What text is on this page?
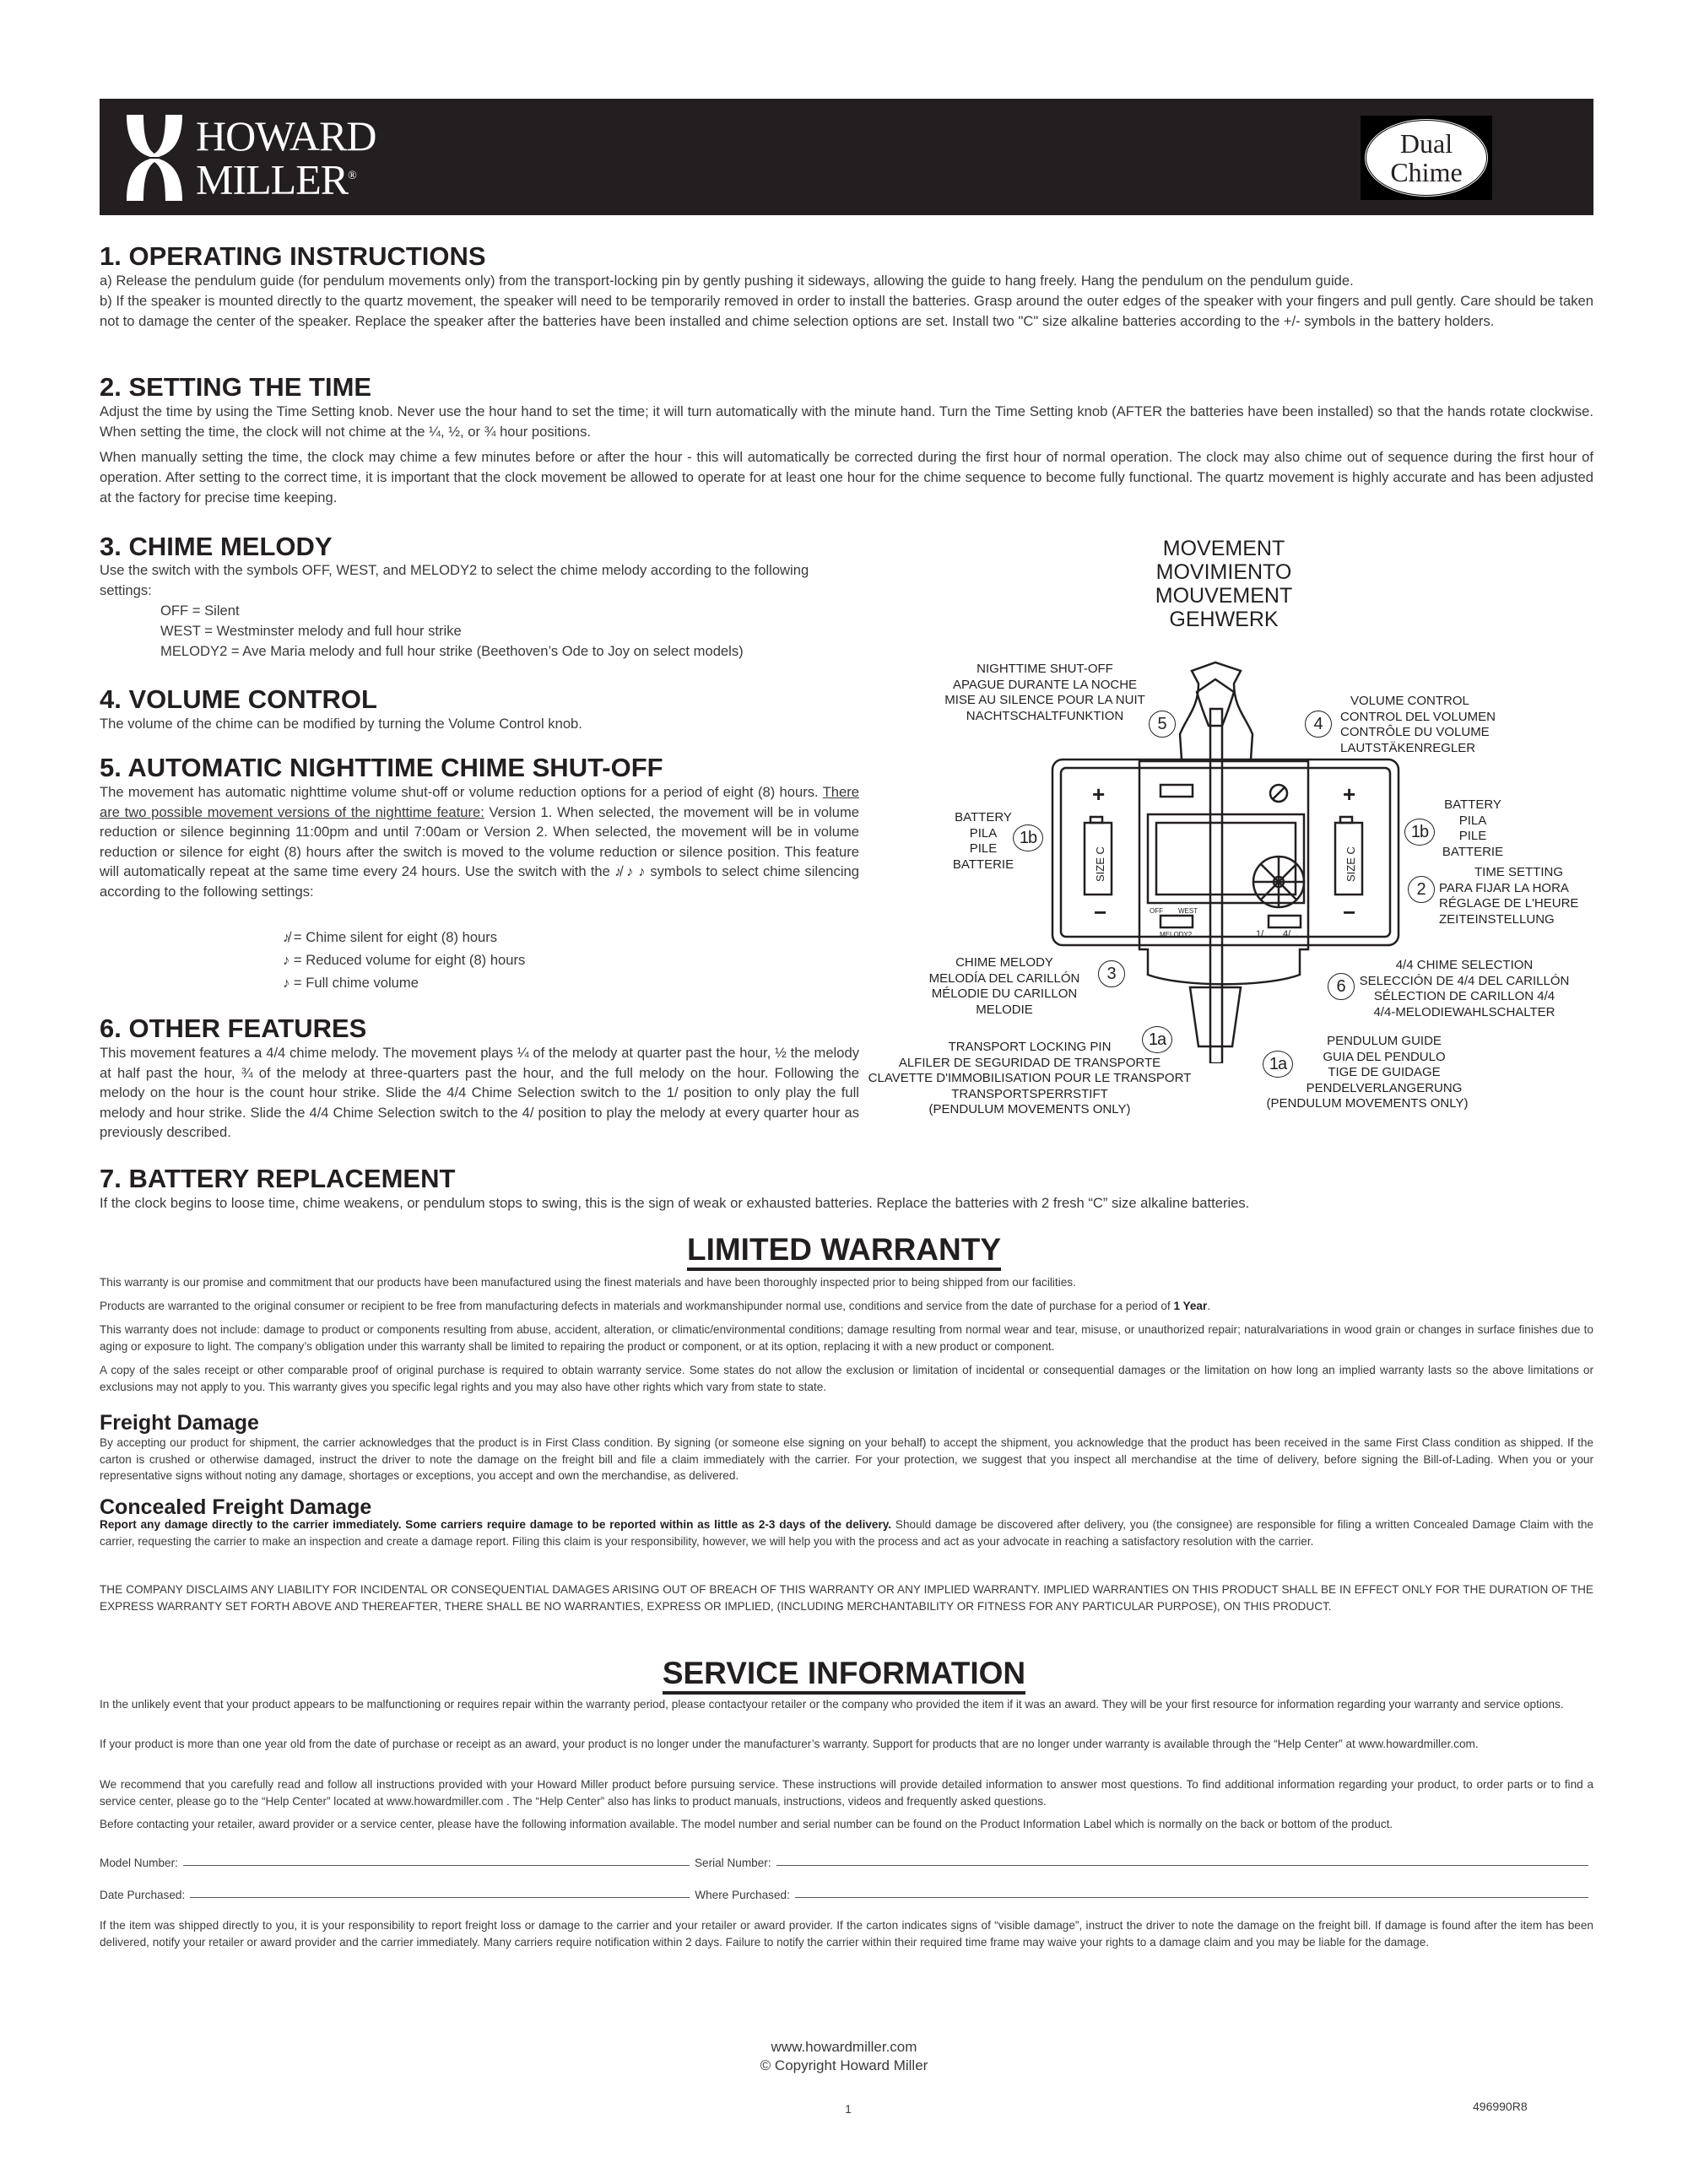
HOWARD
MILLER®
Dual
Chime
1. OPERATING INSTRUCTIONS
a) Release the pendulum guide (for pendulum movements only) from the transport-locking pin by gently pushing it sideways, allowing the guide to hang freely. Hang the pendulum on the pendulum guide.
b) If the speaker is mounted directly to the quartz movement, the speaker will need to be temporarily removed in order to install the batteries. Grasp around the outer edges of the speaker with your fingers and pull gently. Care should be taken not to damage the center of the speaker. Replace the speaker after the batteries have been installed and chime selection options are set. Install two "C" size alkaline batteries according to the +/- symbols in the battery holders.
2. SETTING THE TIME
Adjust the time by using the Time Setting knob. Never use the hour hand to set the time; it will turn automatically with the minute hand. Turn the Time Setting knob (AFTER the batteries have been installed) so that the hands rotate clockwise. When setting the time, the clock will not chime at the ¼, ½, or ¾ hour positions.
When manually setting the time, the clock may chime a few minutes before or after the hour - this will automatically be corrected during the first hour of normal operation. The clock may also chime out of sequence during the first hour of operation. After setting to the correct time, it is important that the clock movement be allowed to operate for at least one hour for the chime sequence to become fully functional. The quartz movement is highly accurate and has been adjusted at the factory for precise time keeping.
3. CHIME MELODY
Use the switch with the symbols OFF, WEST, and MELODY2 to select the chime melody according to the following settings:
OFF = Silent
WEST = Westminster melody and full hour strike
MELODY2 = Ave Maria melody and full hour strike (Beethoven’s Ode to Joy on select models)
4. VOLUME CONTROL
The volume of the chime can be modified by turning the Volume Control knob.
5. AUTOMATIC NIGHTTIME CHIME SHUT-OFF
The movement has automatic nighttime volume shut-off or volume reduction options for a period of eight (8) hours. There are two possible movement versions of the nighttime feature: Version 1. When selected, the movement will be in volume reduction or silence beginning 11:00pm and until 7:00am or Version 2. When selected, the movement will be in volume reduction or silence for eight (8) hours after the switch is moved to the volume reduction or silence position. This feature will automatically repeat at the same time every 24 hours. Use the switch with the ♪̸ ♪ ♪ symbols to select chime silencing according to the following settings:
♪̸ = Chime silent for eight (8) hours
♪ = Reduced volume for eight (8) hours
♪ = Full chime volume
6. OTHER FEATURES
This movement features a 4/4 chime melody. The movement plays ¼ of the melody at quarter past the hour, ½ the melody at half past the hour, ¾ of the melody at three-quarters past the hour, and the full melody on the hour. Following the melody on the hour is the count hour strike. Slide the 4/4 Chime Selection switch to the 1/ position to only play the full melody and hour strike. Slide the 4/4 Chime Selection switch to the 4/ position to play the melody at every quarter hour as previously described.
7. BATTERY REPLACEMENT
If the clock begins to loose time, chime weakens, or pendulum stops to swing, this is the sign of weak or exhausted batteries. Replace the batteries with 2 fresh “C” size alkaline batteries.
MOVEMENT
MOVIMIENTO
MOUVEMENT
GEHWERK
+	+
−	−
SIZE C	SIZE C
OFF WEST
MELODY2	1/ 4/
NIGHTTIME SHUT-OFF
APAGUE DURANTE LA NOCHE
MISE AU SILENCE POUR LA NUIT
NACHTSCHALTFUNKTION	5	4
VOLUME CONTROL
CONTROL DEL VOLUMEN
CONTRÔLE DU VOLUME
LAUTSTÄKENREGLER
BATTERY
PILA
PILE
BATTERIE
1b	1b
BATTERY
PILA
PILE
BATTERIE
2
TIME SETTING
PARA FIJAR LA HORA
RÉGLAGE DE L'HEURE
ZEITEINSTELLUNG
CHIME MELODY
MELODÍA DEL CARILLÓN
MÉLODIE DU CARILLON
MELODIE
3
6
4/4 CHIME SELECTION
SELECCIÓN DE 4/4 DEL CARILLÓN
SÉLECTION DE CARILLON 4/4
4/4-MELODIEWAHLSCHALTER
1a
TRANSPORT LOCKING PIN
ALFILER DE SEGURIDAD DE TRANSPORTE
CLAVETTE D'IMMOBILISATION POUR LE TRANSPORT
TRANSPORTSPERRSTIFT
(PENDULUM MOVEMENTS ONLY)
1a
PENDULUM GUIDE
GUIA DEL PENDULO
TIGE DE GUIDAGE
PENDELVERLANGERUNG
(PENDULUM MOVEMENTS ONLY)
LIMITED WARRANTY
This warranty is our promise and commitment that our products have been manufactured using the finest materials and have been thoroughly inspected prior to being shipped from our facilities.
Products are warranted to the original consumer or recipient to be free from manufacturing defects in materials and workmanshipunder normal use, conditions and service from the date of purchase for a period of 1 Year.
This warranty does not include: damage to product or components resulting from abuse, accident, alteration, or climatic/environmental conditions; damage resulting from normal wear and tear, misuse, or unauthorized repair; naturalvariations in wood grain or changes in surface finishes due to aging or exposure to light. The company’s obligation under this warranty shall be limited to repairing the product or component, or at its option, replacing it with a new product or component.
A copy of the sales receipt or other comparable proof of original purchase is required to obtain warranty service. Some states do not allow the exclusion or limitation of incidental or consequential damages or the limitation on how long an implied warranty lasts so the above limitations or exclusions may not apply to you. This warranty gives you specific legal rights and you may also have other rights which vary from state to state.
Freight Damage
By accepting our product for shipment, the carrier acknowledges that the product is in First Class condition. By signing (or someone else signing on your behalf) to accept the shipment, you acknowledge that the product has been received in the same First Class condition as shipped. If the carton is crushed or otherwise damaged, instruct the driver to note the damage on the freight bill and file a claim immediately with the carrier. For your protection, we suggest that you inspect all merchandise at the time of delivery, before signing the Bill-of-Lading. When you or your representative signs without noting any damage, shortages or exceptions, you accept and own the merchandise, as delivered.
Concealed Freight Damage
Report any damage directly to the carrier immediately. Some carriers require damage to be reported within as little as 2-3 days of the delivery. Should damage be discovered after delivery, you (the consignee) are responsible for filing a written Concealed Damage Claim with the carrier, requesting the carrier to make an inspection and create a damage report. Filing this claim is your responsibility, however, we will help you with the process and act as your advocate in reaching a satisfactory resolution with the carrier.
THE COMPANY DISCLAIMS ANY LIABILITY FOR INCIDENTAL OR CONSEQUENTIAL DAMAGES ARISING OUT OF BREACH OF THIS WARRANTY OR ANY IMPLIED WARRANTY. IMPLIED WARRANTIES ON THIS PRODUCT SHALL BE IN EFFECT ONLY FOR THE DURATION OF THE EXPRESS WARRANTY SET FORTH ABOVE AND THEREAFTER, THERE SHALL BE NO WARRANTIES, EXPRESS OR IMPLIED, (INCLUDING MERCHANTABILITY OR FITNESS FOR ANY PARTICULAR PURPOSE), ON THIS PRODUCT.
SERVICE INFORMATION
In the unlikely event that your product appears to be malfunctioning or requires repair within the warranty period, please contactyour retailer or the company who provided the item if it was an award. They will be your first resource for information regarding your warranty and service options.
If your product is more than one year old from the date of purchase or receipt as an award, your product is no longer under the manufacturer’s warranty. Support for products that are no longer under warranty is available through the “Help Center” at www.howardmiller.com.
We recommend that you carefully read and follow all instructions provided with your Howard Miller product before pursuing service. These instructions will provide detailed information to answer most questions. To find additional information regarding your product, to order parts or to find a service center, please go to the “Help Center” located at www.howardmiller.com . The “Help Center” also has links to product manuals, instructions, videos and frequently asked questions.
Before contacting your retailer, award provider or a service center, please have the following information available. The model number and serial number can be found on the Product Information Label which is normally on the back or bottom of the product.
Model Number:	Serial Number:
Date Purchased:	Where Purchased:
If the item was shipped directly to you, it is your responsibility to report freight loss or damage to the carrier and your retailer or award provider. If the carton indicates signs of “visible damage”, instruct the driver to note the damage on the freight bill. If damage is found after the item has been delivered, notify your retailer or award provider and the carrier immediately. Many carriers require notification within 2 days. Failure to notify the carrier within their required time frame may waive your rights to a damage claim and you may be liable for the damage.
www.howardmiller.com
© Copyright Howard Miller
1	496990R8
